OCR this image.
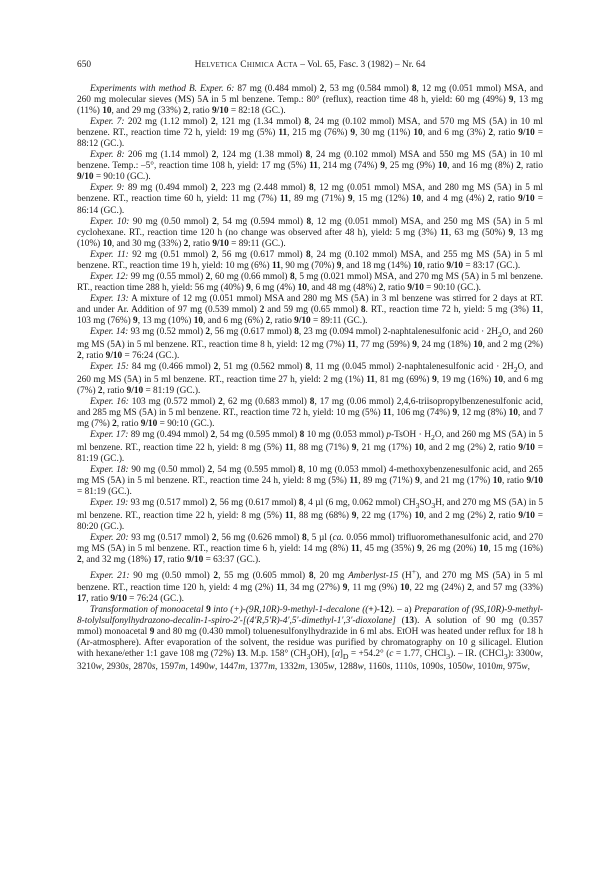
650	Helvetica Chimica Acta – Vol. 65, Fasc. 3 (1982) – Nr. 64

Experiments with method B. Exper. 6: 87 mg (0.484 mmol) 2, 53 mg (0.584 mmol) 8, 12 mg (0.051 mmol) MSA, and 260 mg molecular sieves (MS) 5A in 5 ml benzene. Temp.: 80° (reflux), reaction time 48 h, yield: 60 mg (49%) 9, 13 mg (11%) 10, and 29 mg (33%) 2, ratio 9/10 = 82:18 (GC.).

Exper. 7: 202 mg (1.12 mmol) 2, 121 mg (1.34 mmol) 8, 24 mg (0.102 mmol) MSA, and 570 mg MS (5A) in 10 ml benzene. RT., reaction time 72 h, yield: 19 mg (5%) 11, 215 mg (76%) 9, 30 mg (11%) 10, and 6 mg (3%) 2, ratio 9/10 = 88:12 (GC.).

Exper. 8: 206 mg (1.14 mmol) 2, 124 mg (1.38 mmol) 8, 24 mg (0.102 mmol) MSA and 550 mg MS (5A) in 10 ml benzene. Temp.: –5°, reaction time 108 h, yield: 17 mg (5%) 11, 214 mg (74%) 9, 25 mg (9%) 10, and 16 mg (8%) 2, ratio 9/10 = 90:10 (GC.).

Exper. 9: 89 mg (0.494 mmol) 2, 223 mg (2.448 mmol) 8, 12 mg (0.051 mmol) MSA, and 280 mg MS (5A) in 5 ml benzene. RT., reaction time 60 h, yield: 11 mg (7%) 11, 89 mg (71%) 9, 15 mg (12%) 10, and 4 mg (4%) 2, ratio 9/10 = 86:14 (GC.).

Exper. 10: 90 mg (0.50 mmol) 2, 54 mg (0.594 mmol) 8, 12 mg (0.051 mmol) MSA, and 250 mg MS (5A) in 5 ml cyclohexane. RT., reaction time 120 h (no change was observed after 48 h), yield: 5 mg (3%) 11, 63 mg (50%) 9, 13 mg (10%) 10, and 30 mg (33%) 2, ratio 9/10 = 89:11 (GC.).

Exper. 11: 92 mg (0.51 mmol) 2, 56 mg (0.617 mmol) 8, 24 mg (0.102 mmol) MSA, and 255 mg MS (5A) in 5 ml benzene. RT., reaction time 19 h, yield: 10 mg (6%) 11, 90 mg (70%) 9, and 18 mg (14%) 10, ratio 9/10 = 83:17 (GC.).

Exper. 12: 99 mg (0.55 mmol) 2, 60 mg (0.66 mmol) 8, 5 mg (0.021 mmol) MSA, and 270 mg MS (5A) in 5 ml benzene. RT., reaction time 288 h, yield: 56 mg (40%) 9, 6 mg (4%) 10, and 48 mg (48%) 2, ratio 9/10 = 90:10 (GC.).

Exper. 13: A mixture of 12 mg (0.051 mmol) MSA and 280 mg MS (5A) in 3 ml benzene was stirred for 2 days at RT. and under Ar. Addition of 97 mg (0.539 mmol) 2 and 59 mg (0.65 mmol) 8. RT., reaction time 72 h, yield: 5 mg (3%) 11, 103 mg (76%) 9, 13 mg (10%) 10, and 6 mg (6%) 2, ratio 9/10 = 89:11 (GC.).

Exper. 14: 93 mg (0.52 mmol) 2, 56 mg (0.617 mmol) 8, 23 mg (0.094 mmol) 2-naphtalenesulfonic acid · $2H_2O$, and 260 mg MS (5A) in 5 ml benzene. RT., reaction time 8 h, yield: 12 mg (7%) 11, 77 mg (59%) 9, 24 mg (18%) 10, and 2 mg (2%) 2, ratio 9/10 = 76:24 (GC.).

Exper. 15: 84 mg (0.466 mmol) 2, 51 mg (0.562 mmol) 8, 11 mg (0.045 mmol) 2-naphtalenesulfonic acid · $2H_2O$, and 260 mg MS (5A) in 5 ml benzene. RT., reaction time 27 h, yield: 2 mg (1%) 11, 81 mg (69%) 9, 19 mg (16%) 10, and 6 mg (7%) 2, ratio 9/10 = 81:19 (GC.).

Exper. 16: 103 mg (0.572 mmol) 2, 62 mg (0.683 mmol) 8, 17 mg (0.06 mmol) 2,4,6-triisopropylbenzenesulfonic acid, and 285 mg MS (5A) in 5 ml benzene. RT., reaction time 72 h, yield: 10 mg (5%) 11, 106 mg (74%) 9, 12 mg (8%) 10, and 7 mg (7%) 2, ratio 9/10 = 90:10 (GC.).

Exper. 17: 89 mg (0.494 mmol) 2, 54 mg (0.595 mmol) 8 10 mg (0.053 mmol) p-TsOH · $H_2O$, and 260 mg MS (5A) in 5 ml benzene. RT., reaction time 22 h, yield: 8 mg (5%) 11, 88 mg (71%) 9, 21 mg (17%) 10, and 2 mg (2%) 2, ratio 9/10 = 81:19 (GC.).

Exper. 18: 90 mg (0.50 mmol) 2, 54 mg (0.595 mmol) 8, 10 mg (0.053 mmol) 4-methoxybenzenesulfonic acid, and 265 mg MS (5A) in 5 ml benzene. RT., reaction time 24 h, yield: 8 mg (5%) 11, 89 mg (71%) 9, and 21 mg (17%) 10, ratio 9/10 = 81:19 (GC.).

Exper. 19: 93 mg (0.517 mmol) 2, 56 mg (0.617 mmol) 8, 4 µl (6 mg, 0.062 mmol) $CH_3SO_3H$, and 270 mg MS (5A) in 5 ml benzene. RT., reaction time 22 h, yield: 8 mg (5%) 11, 88 mg (68%) 9, 22 mg (17%) 10, and 2 mg (2%) 2, ratio 9/10 = 80:20 (GC.).

Exper. 20: 93 mg (0.517 mmol) 2, 56 mg (0.626 mmol) 8, 5 µl (ca. 0.056 mmol) trifluoromethanesulfonic acid, and 270 mg MS (5A) in 5 ml benzene. RT., reaction time 6 h, yield: 14 mg (8%) 11, 45 mg (35%) 9, 26 mg (20%) 10, 15 mg (16%) 2, and 32 mg (18%) 17, ratio 9/10 = 63:37 (GC.).

Exper. 21: 90 mg (0.50 mmol) 2, 55 mg (0.605 mmol) 8, 20 mg Amberlyst-15 (H+), and 270 mg MS (5A) in 5 ml benzene. RT., reaction time 120 h, yield: 4 mg (2%) 11, 34 mg (27%) 9, 11 mg (9%) 10, 22 mg (24%) 2, and 57 mg (33%) 17, ratio 9/10 = 76:24 (GC.).

Transformation of monoacetal 9 into (+)-(9R,10R)-9-methyl-1-decalone ((+)-12). – a) Preparation of (9S,10R)-9-methyl-8-tolylsulfonylhydrazono-decalin-1-spiro-2′-[(4′R,5′R)-4′,5′-dimethyl-1′,3′-dioxolane] (13). A solution of 90 mg (0.357 mmol) monoacetal 9 and 80 mg (0.430 mmol) toluenesulfonylhydrazide in 6 ml abs. EtOH was heated under reflux for 18 h (Ar-atmosphere). After evaporation of the solvent, the residue was purified by chromatography on 10 g silicagel. Elution with hexane/ether 1:1 gave 108 mg (72%) 13. M.p. 158° $(CH_3OH)$, $[\alpha]_D = +54.2^\circ$ (c = 1.77, CHCl$_3$). – IR. (CHCl$_3$): 3300w, 3210w, 2930s, 2870s, 1597m, 1490w, 1447m, 1377m, 1332m, 1305w, 1288w, 1160s, 1110s, 1090s, 1050w, 1010m, 975w,
